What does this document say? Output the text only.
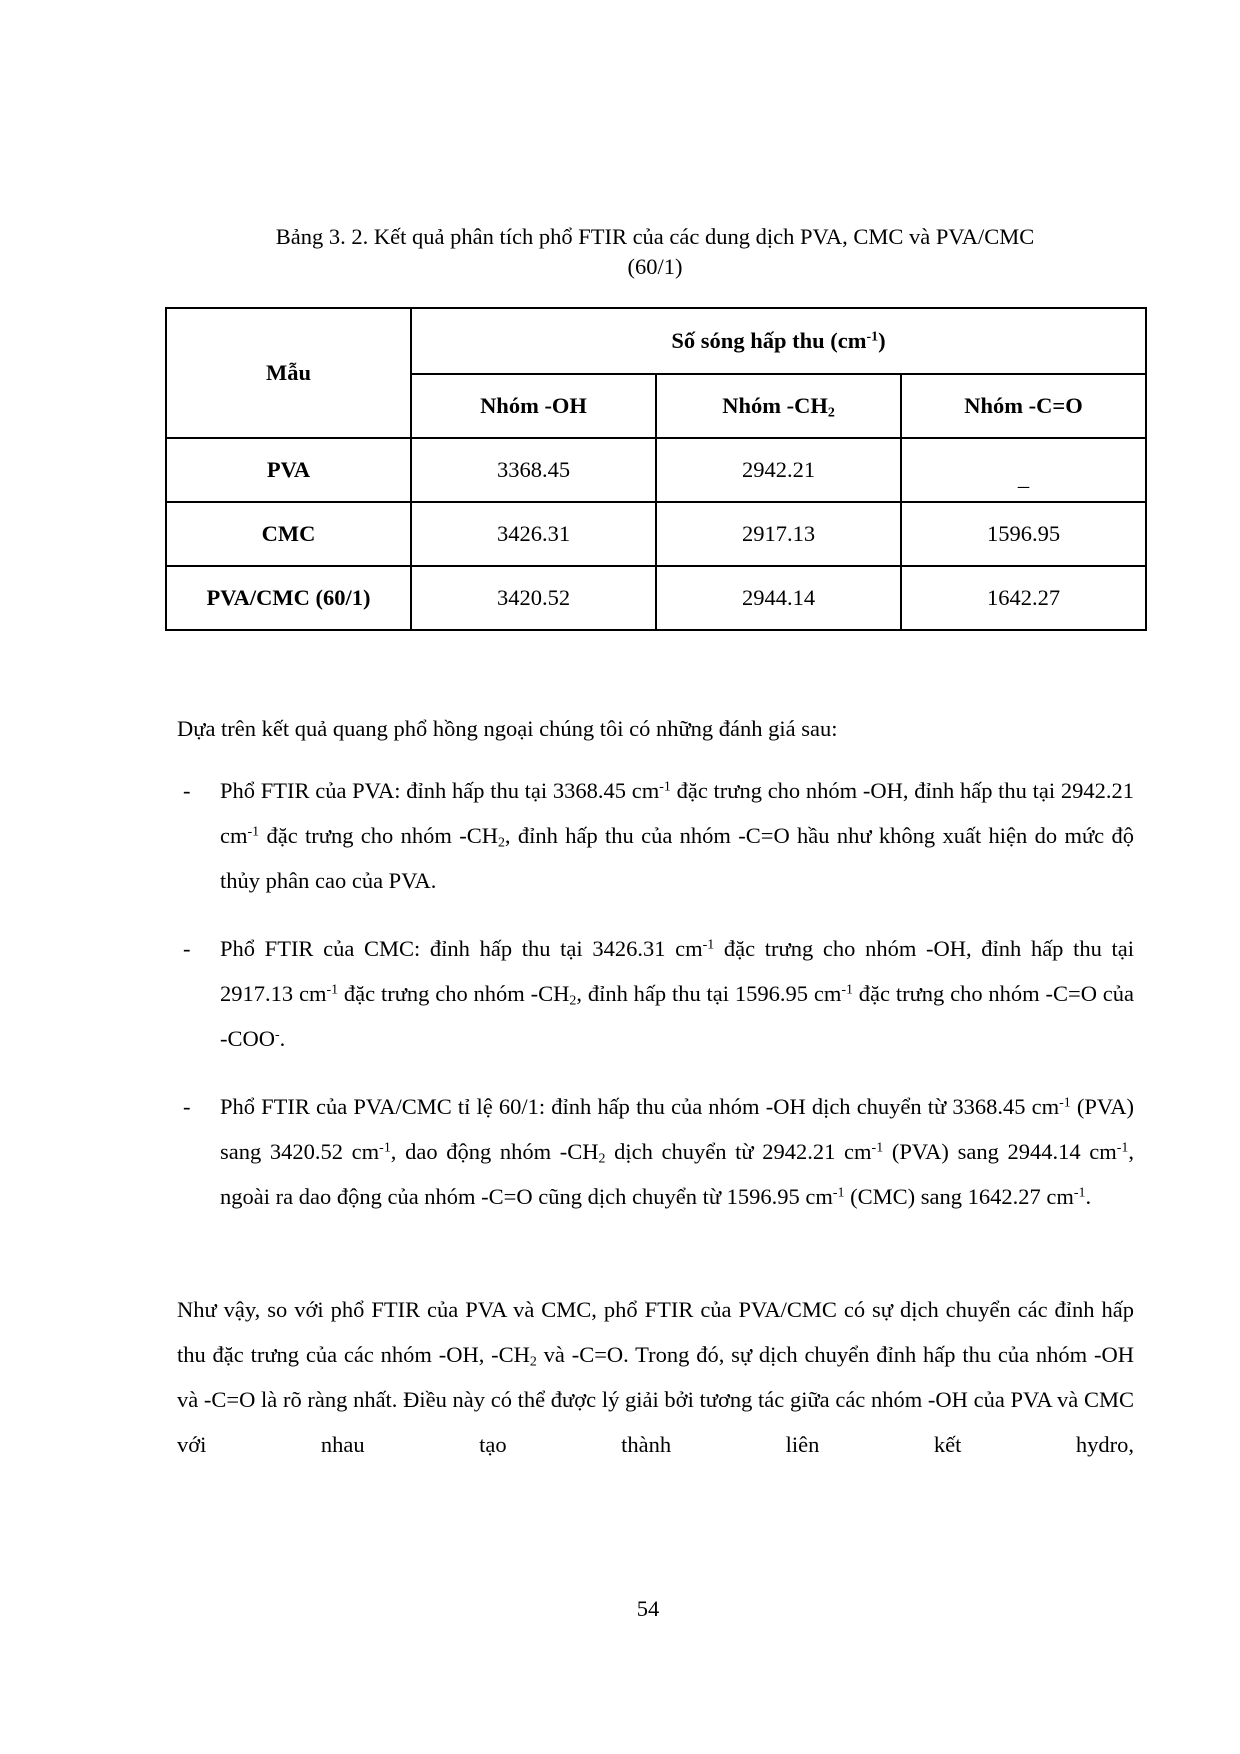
Bảng 3. 2. Kết quả phân tích phổ FTIR của các dung dịch PVA, CMC và PVA/CMC
(60/1)
Mẫu	Số sóng hấp thu $(cm^{-1})$		
	Nhóm -OH	Nhóm $-CH_2$	Nhóm -C=O
PVA	3368.45	2942.21	_
CMC	3426.31	2917.13	1596.95
PVA/CMC (60/1)	3420.52	2944.14	1642.27

Dựa trên kết quả quang phổ hồng ngoại chúng tôi có những đánh giá sau:

- Phổ FTIR của PVA: đỉnh hấp thu tại 3368.45 $cm^{-1}$ đặc trưng cho nhóm -OH, đỉnh hấp thu tại 2942.21 $cm^{-1}$ đặc trưng cho nhóm $-CH_2$, đỉnh hấp thu của nhóm -C=O hầu như không xuất hiện do mức độ thủy phân cao của PVA.
- Phổ FTIR của CMC: đỉnh hấp thu tại 3426.31 $cm^{-1}$ đặc trưng cho nhóm -OH, đỉnh hấp thu tại 2917.13 $cm^{-1}$ đặc trưng cho nhóm $-CH_2$, đỉnh hấp thu tại 1596.95 $cm^{-1}$ đặc trưng cho nhóm -C=O của -COO-.
- Phổ FTIR của PVA/CMC tỉ lệ 60/1: đỉnh hấp thu của nhóm -OH dịch chuyển từ 3368.45 $cm^{-1}$ (PVA) sang 3420.52 $cm^{-1}$, dao động nhóm $-CH_2$ dịch chuyển từ 2942.21 $cm^{-1}$ (PVA) sang 2944.14 $cm^{-1}$, ngoài ra dao động của nhóm -C=O cũng dịch chuyển từ 1596.95 $cm^{-1}$ (CMC) sang 1642.27 $cm^{-1}$.

Như vậy, so với phổ FTIR của PVA và CMC, phổ FTIR của PVA/CMC có sự dịch chuyển các đỉnh hấp thu đặc trưng của các nhóm -OH, $-CH_2$ và -C=O. Trong đó, sự dịch chuyển đỉnh hấp thu của nhóm -OH và -C=O là rõ ràng nhất. Điều này có thể được lý giải bởi tương tác giữa các nhóm -OH của PVA và CMC với nhau tạo thành liên kết hydro,

54
